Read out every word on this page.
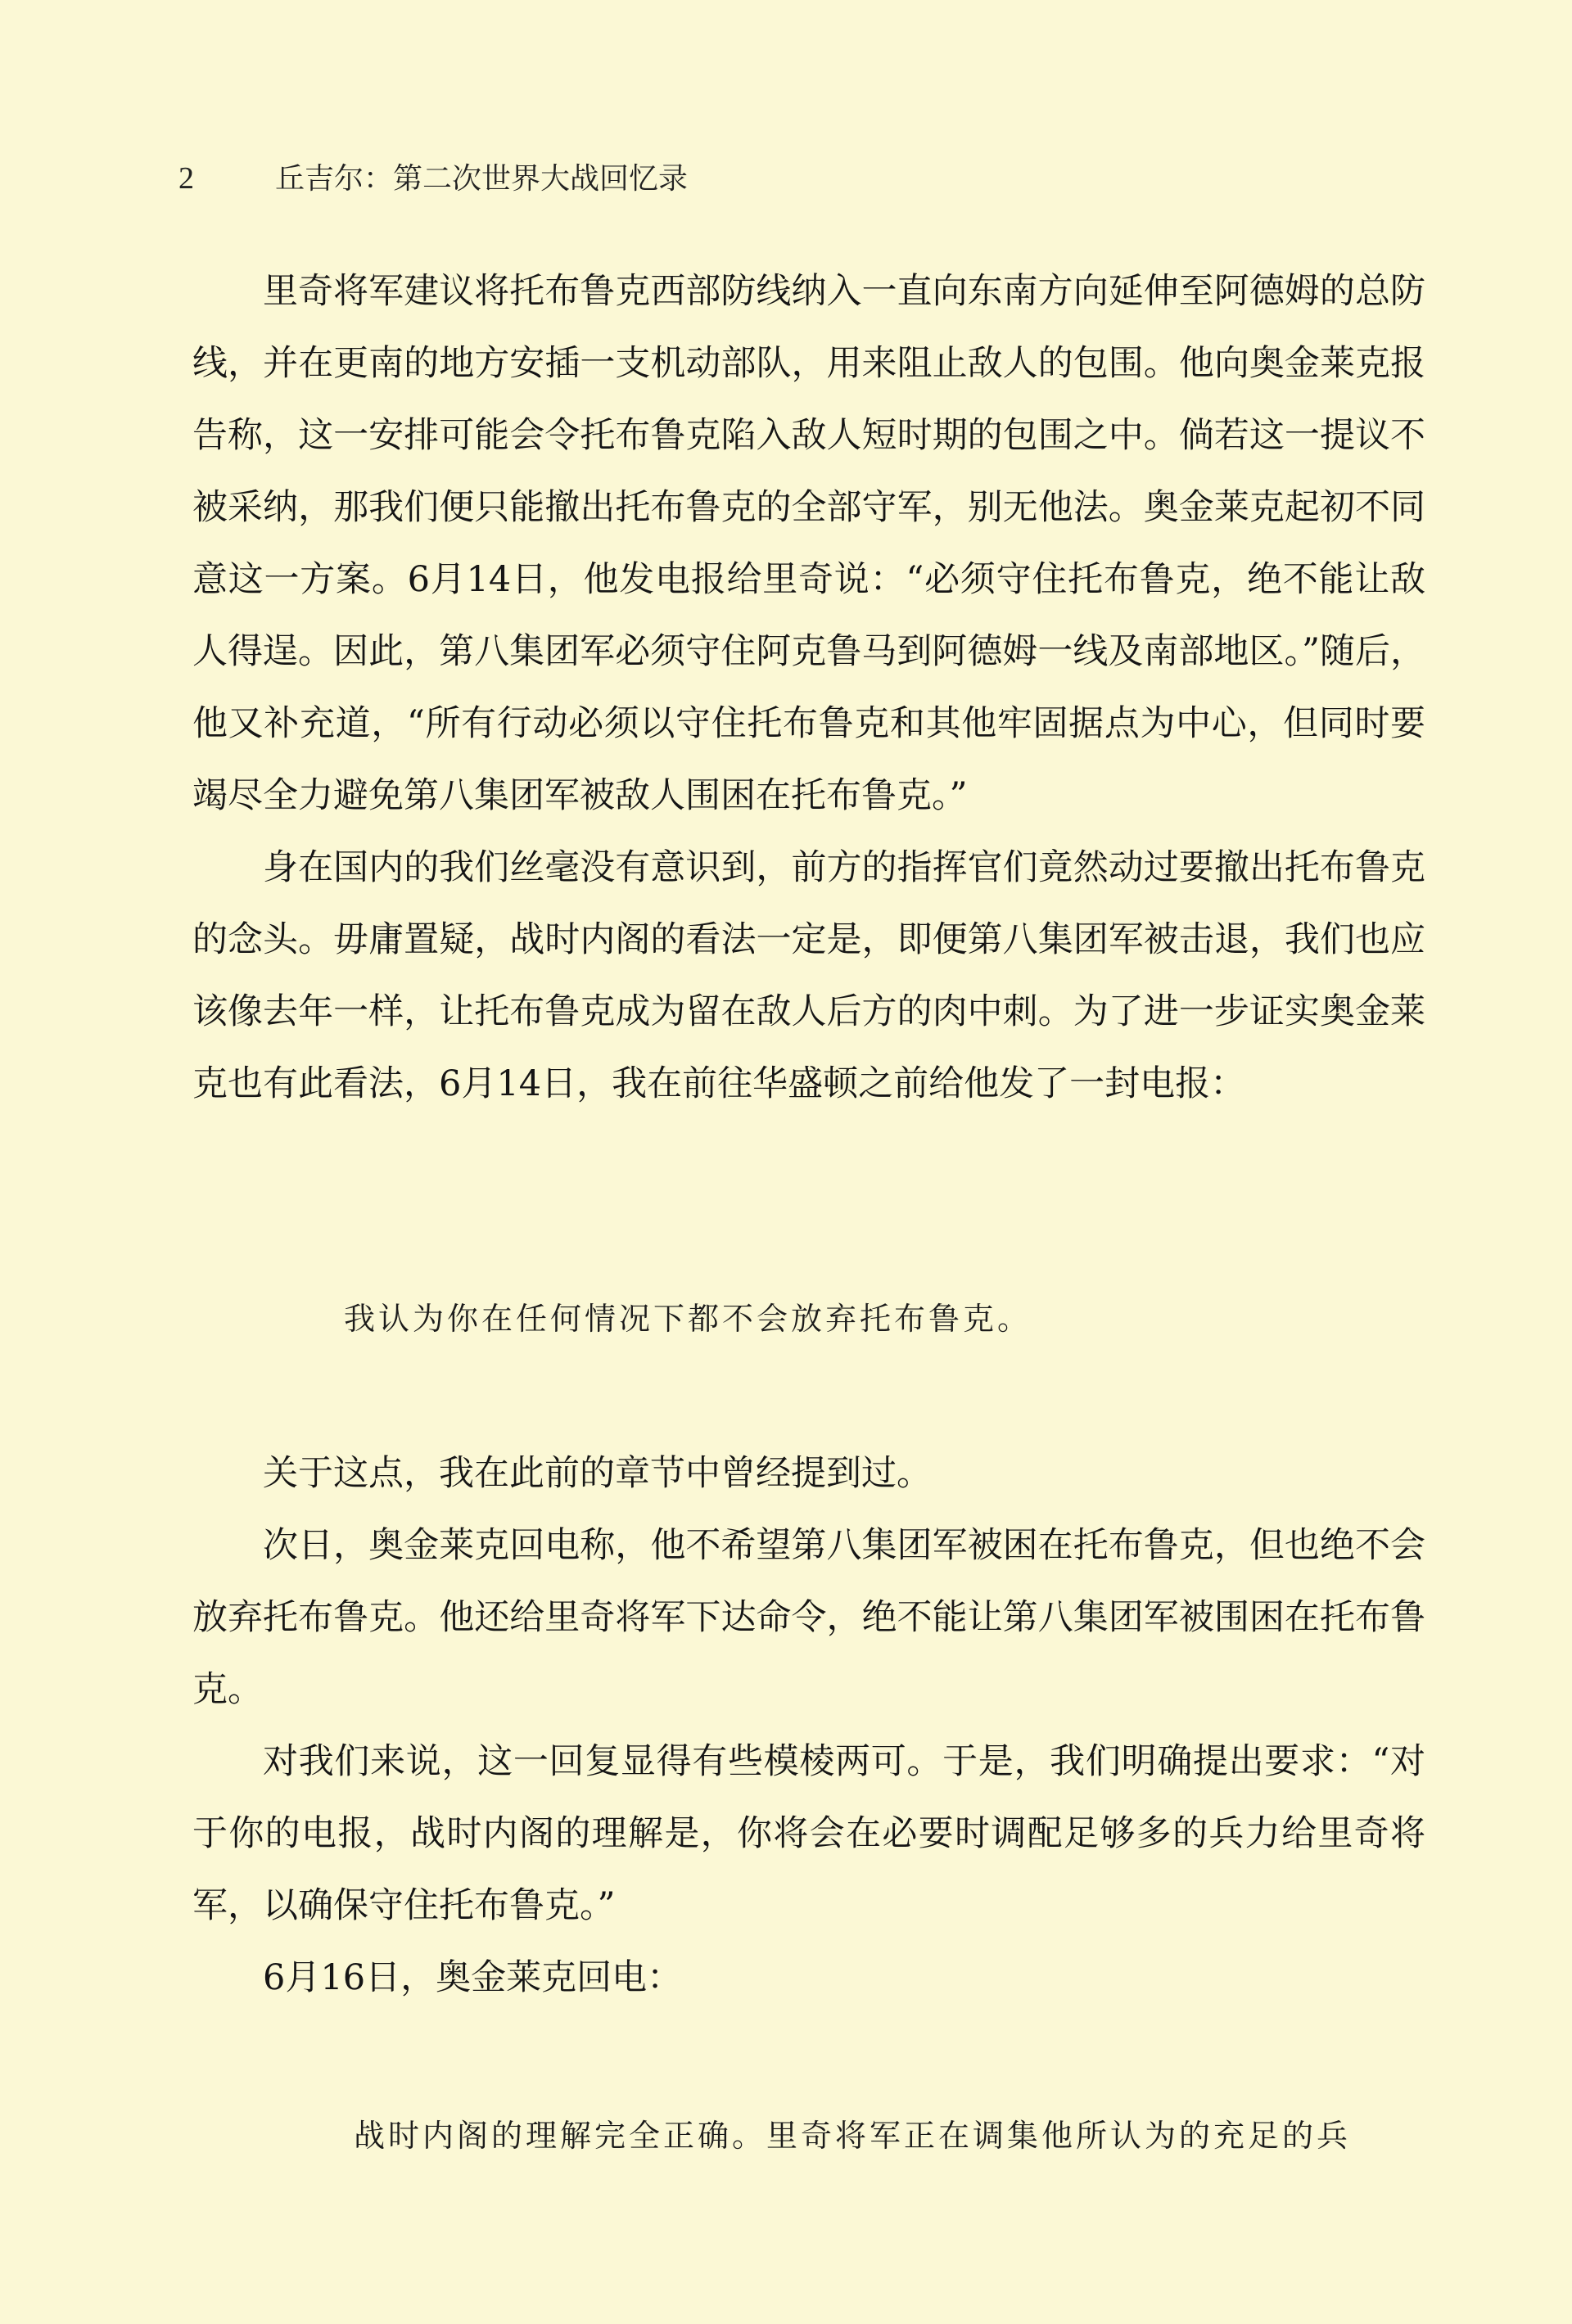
2	丘吉尔：第二次世界大战回忆录

里奇将军建议将托布鲁克西部防线纳入一直向东南方向延伸至阿德姆的总防线，并在更南的地方安插一支机动部队，用来阻止敌人的包围。他向奥金莱克报告称，这一安排可能会令托布鲁克陷入敌人短时期的包围之中。倘若这一提议不被采纳，那我们便只能撤出托布鲁克的全部守军，别无他法。奥金莱克起初不同意这一方案。6月14日，他发电报给里奇说：“必须守住托布鲁克，绝不能让敌人得逞。因此，第八集团军必须守住阿克鲁马到阿德姆一线及南部地区。”随后，他又补充道，“所有行动必须以守住托布鲁克和其他牢固据点为中心，但同时要竭尽全力避免第八集团军被敌人围困在托布鲁克。”

身在国内的我们丝毫没有意识到，前方的指挥官们竟然动过要撤出托布鲁克的念头。毋庸置疑，战时内阁的看法一定是，即便第八集团军被击退，我们也应该像去年一样，让托布鲁克成为留在敌人后方的肉中刺。为了进一步证实奥金莱克也有此看法，6月14日，我在前往华盛顿之前给他发了一封电报：

我认为你在任何情况下都不会放弃托布鲁克。

关于这点，我在此前的章节中曾经提到过。

次日，奥金莱克回电称，他不希望第八集团军被困在托布鲁克，但也绝不会放弃托布鲁克。他还给里奇将军下达命令，绝不能让第八集团军被围困在托布鲁克。

对我们来说，这一回复显得有些模棱两可。于是，我们明确提出要求：“对于你的电报，战时内阁的理解是，你将会在必要时调配足够多的兵力给里奇将军，以确保守住托布鲁克。”

6月16日，奥金莱克回电：

战时内阁的理解完全正确。里奇将军正在调集他所认为的充足的兵
